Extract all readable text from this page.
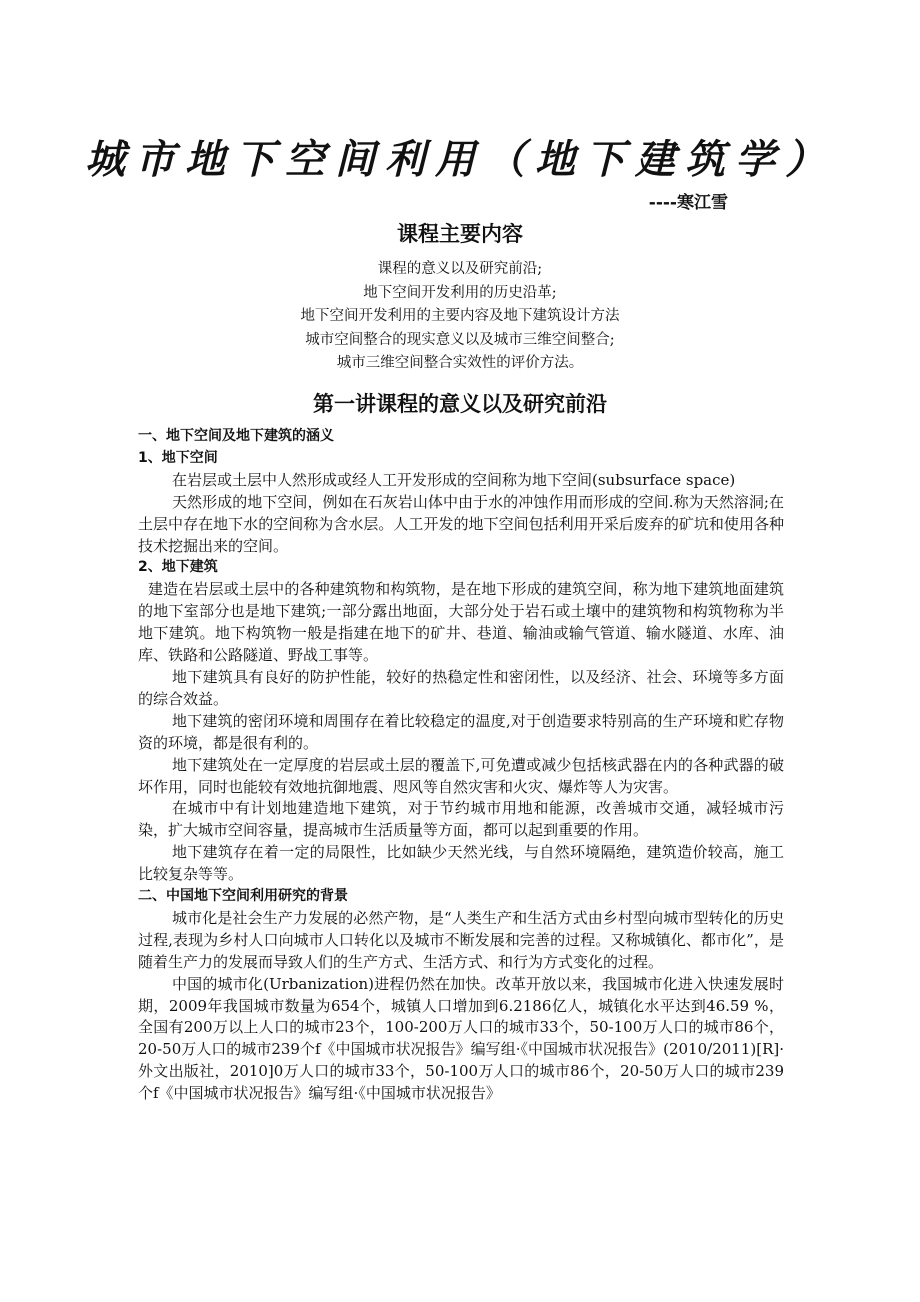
城市地下空间利用（地下建筑学）
----寒江雪
课程主要内容
课程的意义以及研究前沿;
地下空间开发利用的历史沿革;
地下空间开发利用的主要内容及地下建筑设计方法
城市空间整合的现实意义以及城市三维空间整合;
城市三维空间整合实效性的评价方法。
第一讲课程的意义以及研究前沿

一、地下空间及地下建筑的涵义

1、地下空间

在岩层或土层中人然形成或经人工开发形成的空间称为地下空间(subsurface space)

天然形成的地下空间，例如在石灰岩山体中由于水的冲蚀作用而形成的空间.称为天然溶洞;在土层中存在地下水的空间称为含水层。人工开发的地下空间包括利用开采后废弃的矿坑和使用各种技术挖掘出来的空间。

2、地下建筑

建造在岩层或土层中的各种建筑物和构筑物，是在地下形成的建筑空间，称为地下建筑地面建筑的地下室部分也是地下建筑;一部分露出地面，大部分处于岩石或土壤中的建筑物和构筑物称为半地下建筑。地下构筑物一般是指建在地下的矿井、巷道、输油或输气管道、输水隧道、水库、油库、铁路和公路隧道、野战工事等。

地下建筑具有良好的防护性能，较好的热稳定性和密闭性，以及经济、社会、环境等多方面的综合效益。

地下建筑的密闭环境和周围存在着比较稳定的温度,对于创造要求特别高的生产环境和贮存物资的环境，都是很有利的。

地下建筑处在一定厚度的岩层或土层的覆盖下,可免遭或减少包括核武器在内的各种武器的破坏作用，同时也能较有效地抗御地震、咫风等自然灾害和火灾、爆炸等人为灾害。

在城市中有计划地建造地下建筑，对于节约城市用地和能源，改善城市交通，减轻城市污染，扩大城市空间容量，提高城市生活质量等方面，都可以起到重要的作用。

地下建筑存在着一定的局限性，比如缺少天然光线，与自然环境隔绝，建筑造价较高，施工比较复杂等等。

二、中国地下空间利用研究的背景

城市化是社会生产力发展的必然产物，是“人类生产和生活方式由乡村型向城市型转化的历史过程,表现为乡村人口向城市人口转化以及城市不断发展和完善的过程。又称城镇化、都市化”，是随着生产力的发展而导致人们的生产方式、生活方式、和行为方式变化的过程。

中国的城市化(Urbanization)进程仍然在加快。改革开放以来，我国城市化进入快速发展时期，2009年我国城市数量为654个，城镇人口增加到6.2186亿人，城镇化水平达到46.59 %，全国有200万以上人口的城市23个，100-200万人口的城市33个，50-100万人口的城市86个，20-50万人口的城市239个f《中国城市状况报告》编写组·《中国城市状况报告》(2010/2011)[R]·外文出版社，2010]0万人口的城市33个，50-100万人口的城市86个，20-50万人口的城市239个f《中国城市状况报告》编写组·《中国城市状况报告》
